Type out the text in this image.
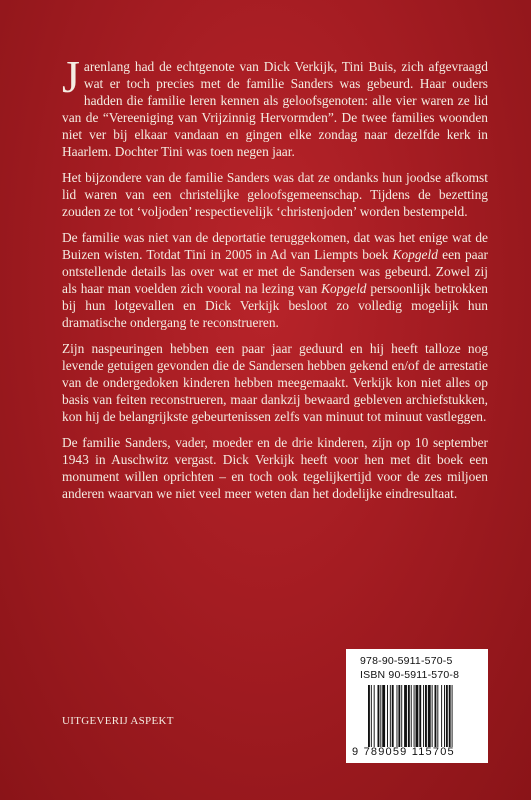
Jarenlang had de echtgenote van Dick Verkijk, Tini Buis, zich afgevraagd wat er toch precies met de familie Sanders was gebeurd. Haar ouders hadden die familie leren kennen als geloofsgenoten: alle vier waren ze lid van de “Vereeniging van Vrijzinnig Hervormden”. De twee families woonden niet ver bij elkaar vandaan en gingen elke zondag naar dezelfde kerk in Haarlem. Dochter Tini was toen negen jaar.

Het bijzondere van de familie Sanders was dat ze ondanks hun joodse afkomst lid waren van een christelijke geloofsgemeenschap. Tijdens de bezetting zouden ze tot ‘voljoden’ respectievelijk ‘christenjoden’ worden bestempeld.

De familie was niet van de deportatie teruggekomen, dat was het enige wat de Buizen wisten. Totdat Tini in 2005 in Ad van Liempts boek Kopgeld een paar ontstellende details las over wat er met de Sandersen was gebeurd. Zowel zij als haar man voelden zich vooral na lezing van Kopgeld persoonlijk betrokken bij hun lotgevallen en Dick Verkijk besloot zo volledig mogelijk hun dramatische ondergang te reconstrueren.

Zijn naspeuringen hebben een paar jaar geduurd en hij heeft talloze nog levende getuigen gevonden die de Sandersen hebben gekend en/of de arrestatie van de ondergedoken kinderen hebben meegemaakt. Verkijk kon niet alles op basis van feiten reconstrueren, maar dankzij bewaard gebleven archiefstukken, kon hij de belangrijkste gebeurtenissen zelfs van minuut tot minuut vastleggen.

De familie Sanders, vader, moeder en de drie kinderen, zijn op 10 september 1943 in Auschwitz vergast. Dick Verkijk heeft voor hen met dit boek een monument willen oprichten – en toch ook tegelijkertijd voor de zes miljoen anderen waarvan we niet veel meer weten dan het dodelijke eindresultaat.

UITGEVERIJ ASPEKT
978-90-5911-570-5
ISBN 90-5911-570-8
9 789059 115705
